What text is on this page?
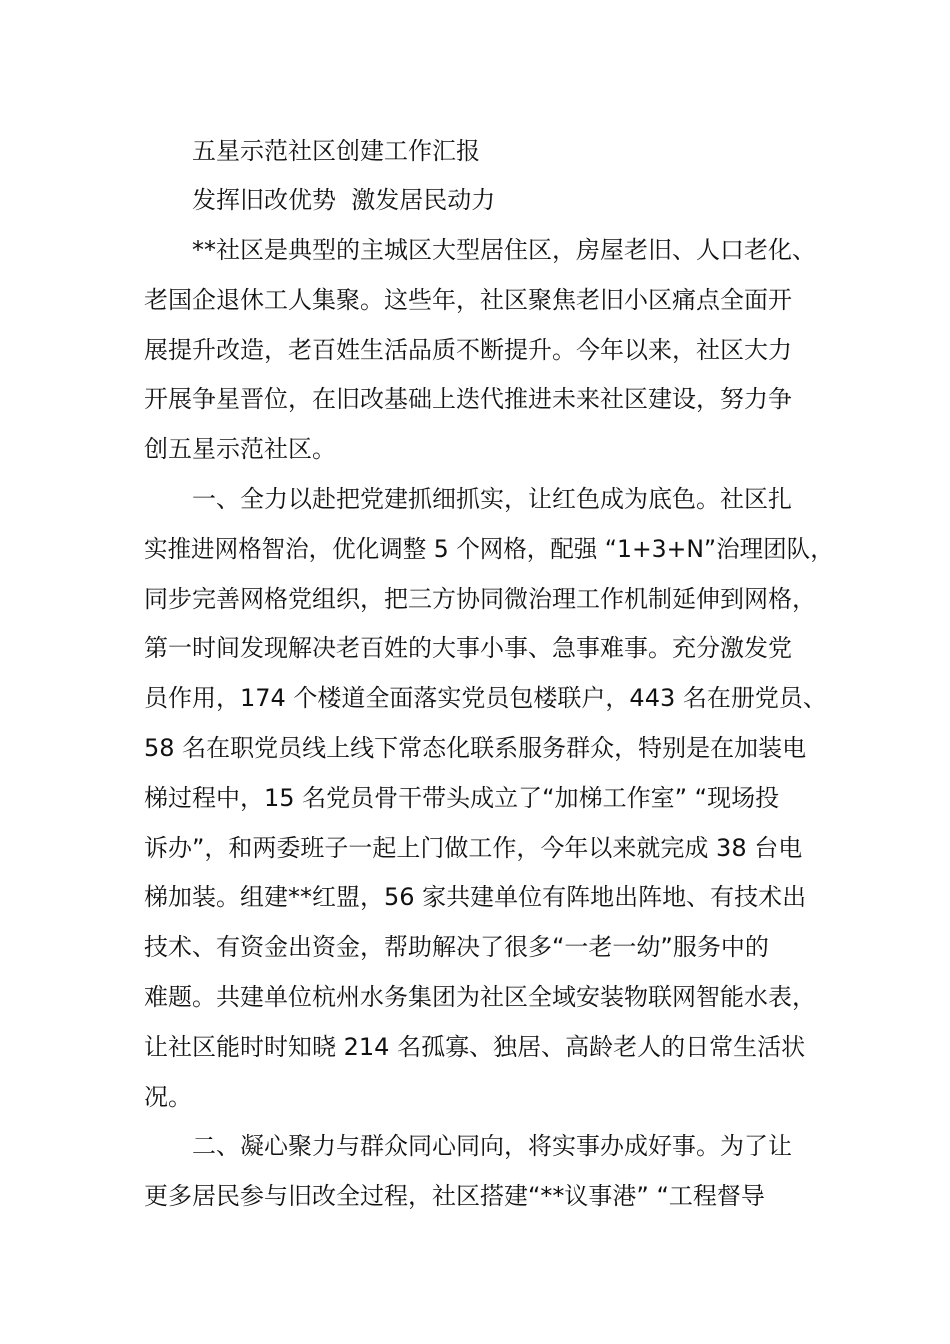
五星示范社区创建工作汇报
发挥旧改优势  激发居民动力
**社区是典型的主城区大型居住区，房屋老旧、人口老化、
老国企退休工人集聚。这些年，社区聚焦老旧小区痛点全面开
展提升改造，老百姓生活品质不断提升。今年以来，社区大力
开展争星晋位，在旧改基础上迭代推进未来社区建设，努力争
创五星示范社区。
一、全力以赴把党建抓细抓实，让红色成为底色。社区扎
实推进网格智治，优化调整 5 个网格，配强 “1+3+N”治理团队，
同步完善网格党组织，把三方协同微治理工作机制延伸到网格，
第一时间发现解决老百姓的大事小事、急事难事。充分激发党
员作用，174 个楼道全面落实党员包楼联户，443 名在册党员、
58 名在职党员线上线下常态化联系服务群众，特别是在加装电
梯过程中，15 名党员骨干带头成立了“加梯工作室” “现场投
诉办”，和两委班子一起上门做工作，今年以来就完成 38 台电
梯加装。组建**红盟，56 家共建单位有阵地出阵地、有技术出
技术、有资金出资金，帮助解决了很多“一老一幼”服务中的
难题。共建单位杭州水务集团为社区全域安装物联网智能水表，
让社区能时时知晓 214 名孤寡、独居、高龄老人的日常生活状
况。
二、凝心聚力与群众同心同向，将实事办成好事。为了让
更多居民参与旧改全过程，社区搭建“**议事港” “工程督导
